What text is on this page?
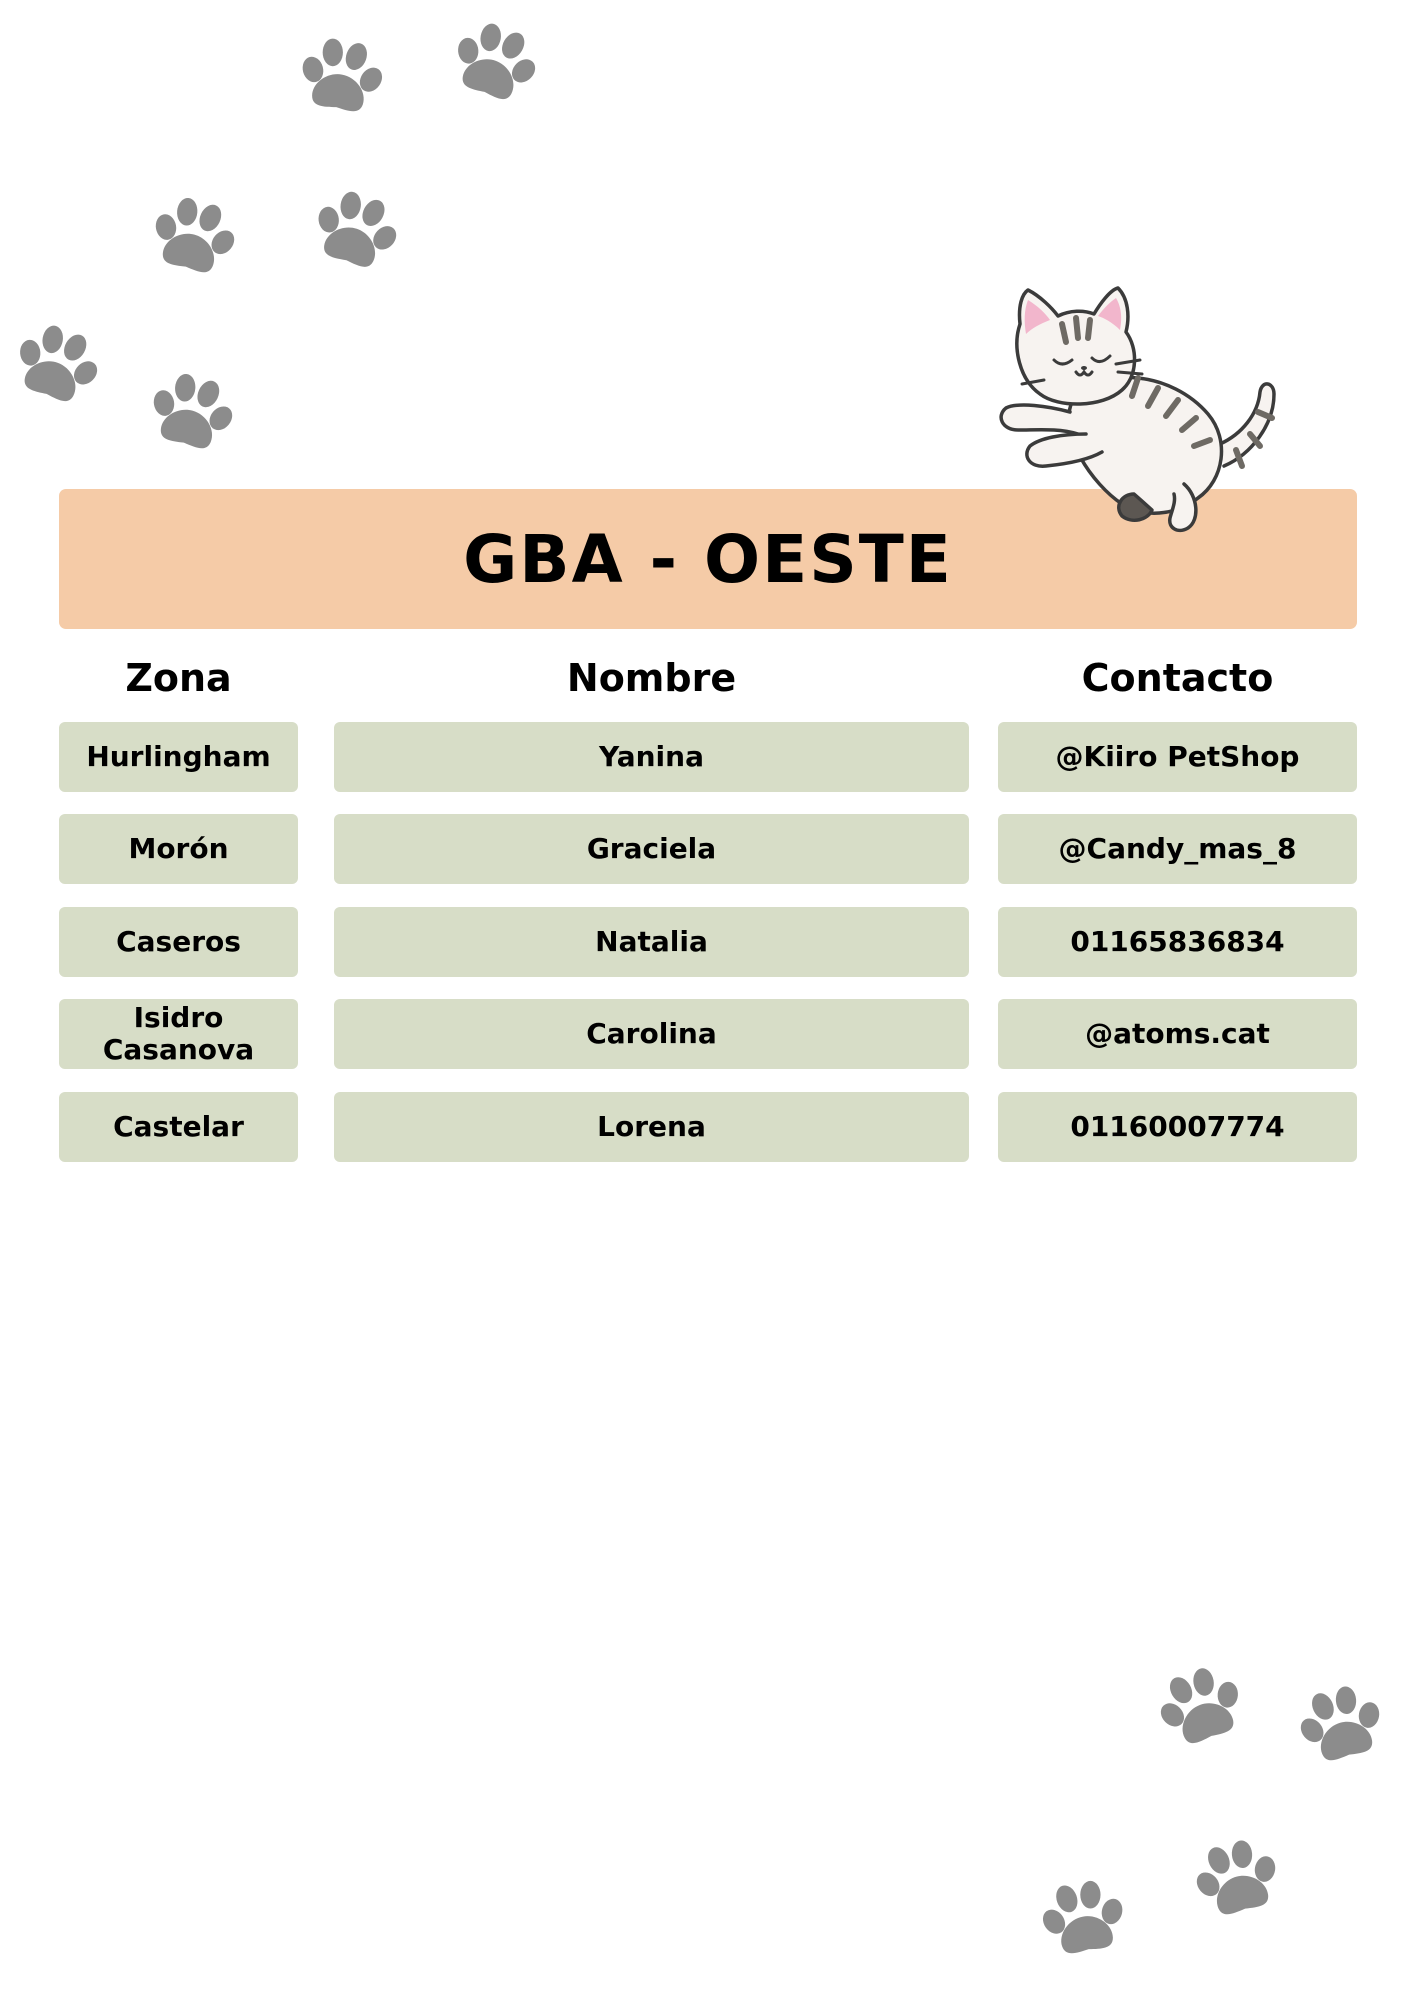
GBA - OESTE
Zona	Nombre	Contacto
Hurlingham	Yanina	@Kiiro PetShop
Morón	Graciela	@Candy_mas_8
Caseros	Natalia	01165836834
Isidro Casanova	Carolina	@atoms.cat
Castelar	Lorena	01160007774
